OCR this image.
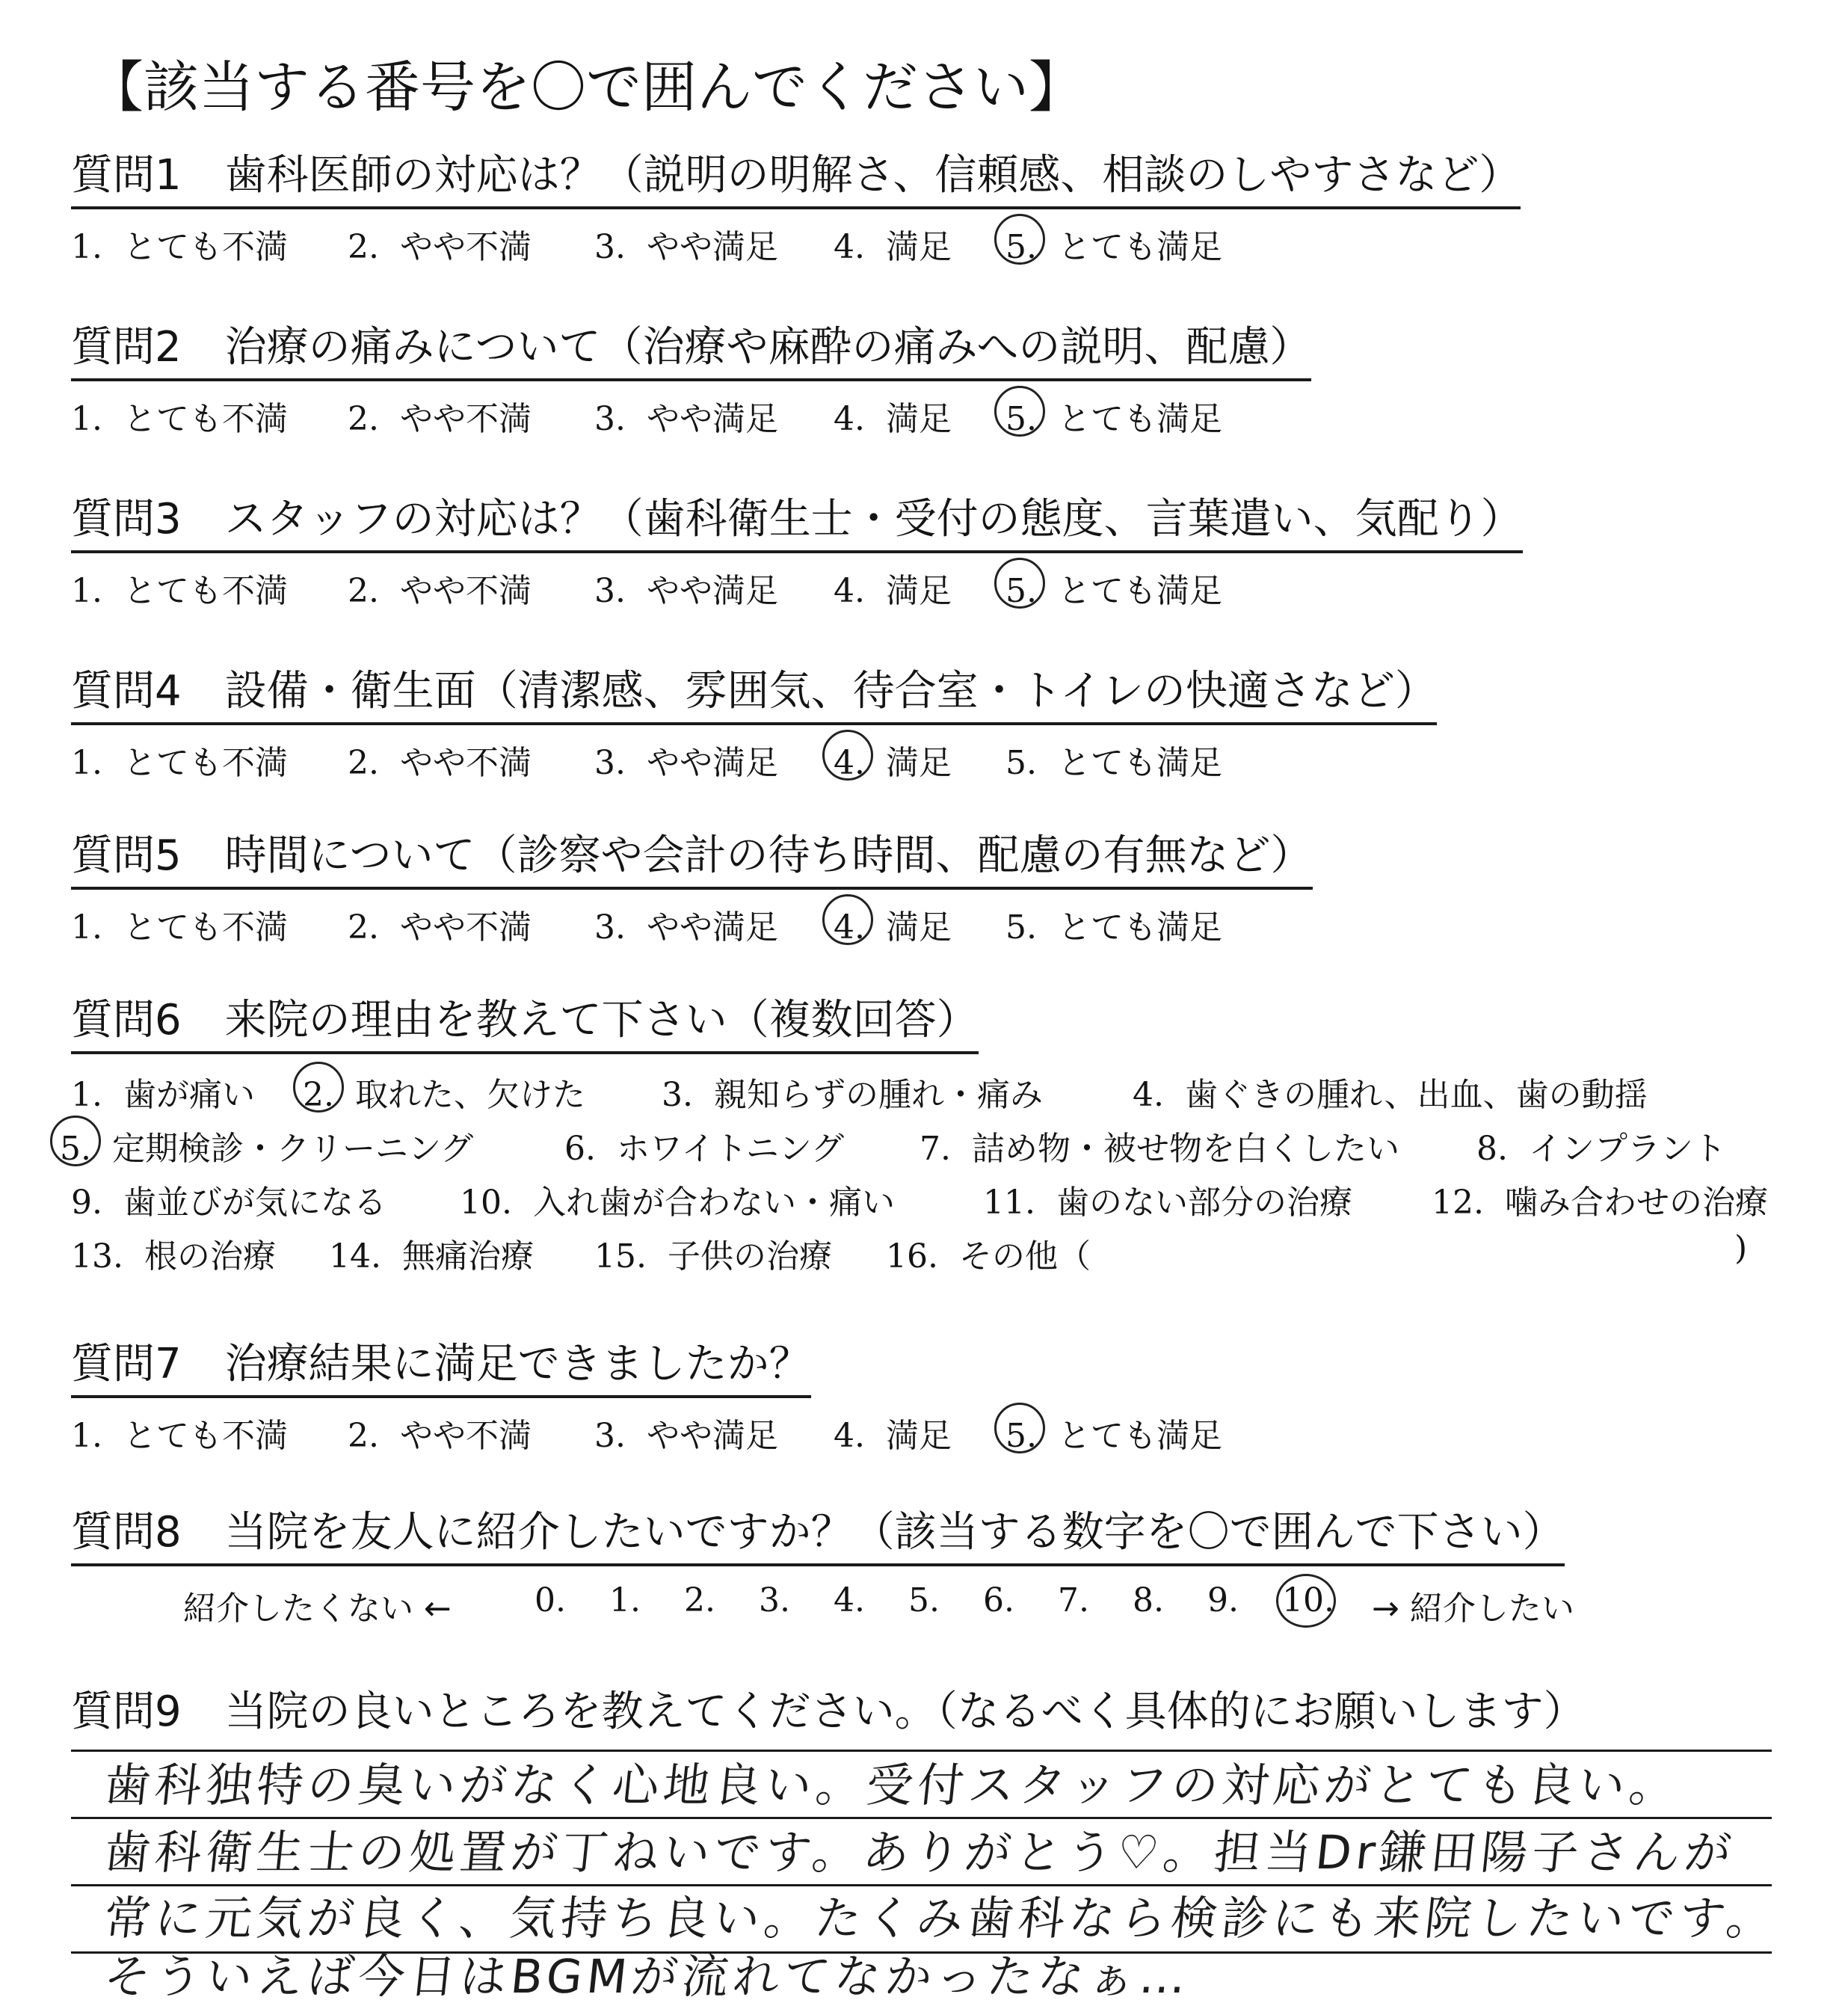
【該当する番号を〇で囲んでください】
質問1 歯科医師の対応は？（説明の明解さ、信頼感、相談のしやすさなど）
1. とても不満 2. やや不満 3. やや満足 4. 満足 5. とても満足
質問2 治療の痛みについて（治療や麻酔の痛みへの説明、配慮）
1. とても不満 2. やや不満 3. やや満足 4. 満足 5. とても満足
質問3 スタッフの対応は？（歯科衛生士・受付の態度、言葉遣い、気配り）
1. とても不満 2. やや不満 3. やや満足 4. 満足 5. とても満足
質問4 設備・衛生面（清潔感、雰囲気、待合室・トイレの快適さなど）
1. とても不満 2. やや不満 3. やや満足 4. 満足 5. とても満足
質問5 時間について（診察や会計の待ち時間、配慮の有無など）
1. とても不満 2. やや不満 3. やや満足 4. 満足 5. とても満足
質問6 来院の理由を教えて下さい（複数回答）
1. 歯が痛い 2. 取れた、欠けた 3. 親知らずの腫れ・痛み	4. 歯ぐきの腫れ、出血、歯の動揺
5. 定期検診・クリーニング	6. ホワイトニング 7. 詰め物・被せ物を白くしたい 8. インプラント
9. 歯並びが気になる 10. 入れ歯が合わない・痛い	11. 歯のない部分の治療 12. 噛み合わせの治療
13. 根の治療 14. 無痛治療 15. 子供の治療 16. その他（	)
質問7 治療結果に満足できましたか？
1. とても不満 2. やや不満 3. やや満足 4. 満足 5. とても満足
質問8 当院を友人に紹介したいですか？（該当する数字を〇で囲んで下さい）
紹介したくない ←	0. 1. 2. 3. 4. 5. 6. 7. 8. 9. 10. → 紹介したい
質問9 当院の良いところを教えてください。（なるべく具体的にお願いします）
歯科独特の臭いがなく心地良い。受付スタッフの対応がとても良い。
歯科衛生士の処置が丁ねいです。ありがとう♡。担当Dr鎌田陽子さんが
常に元気が良く、気持ち良い。たくみ歯科なら検診にも来院したいです。
そういえば今日はBGMが流れてなかったなぁ…
